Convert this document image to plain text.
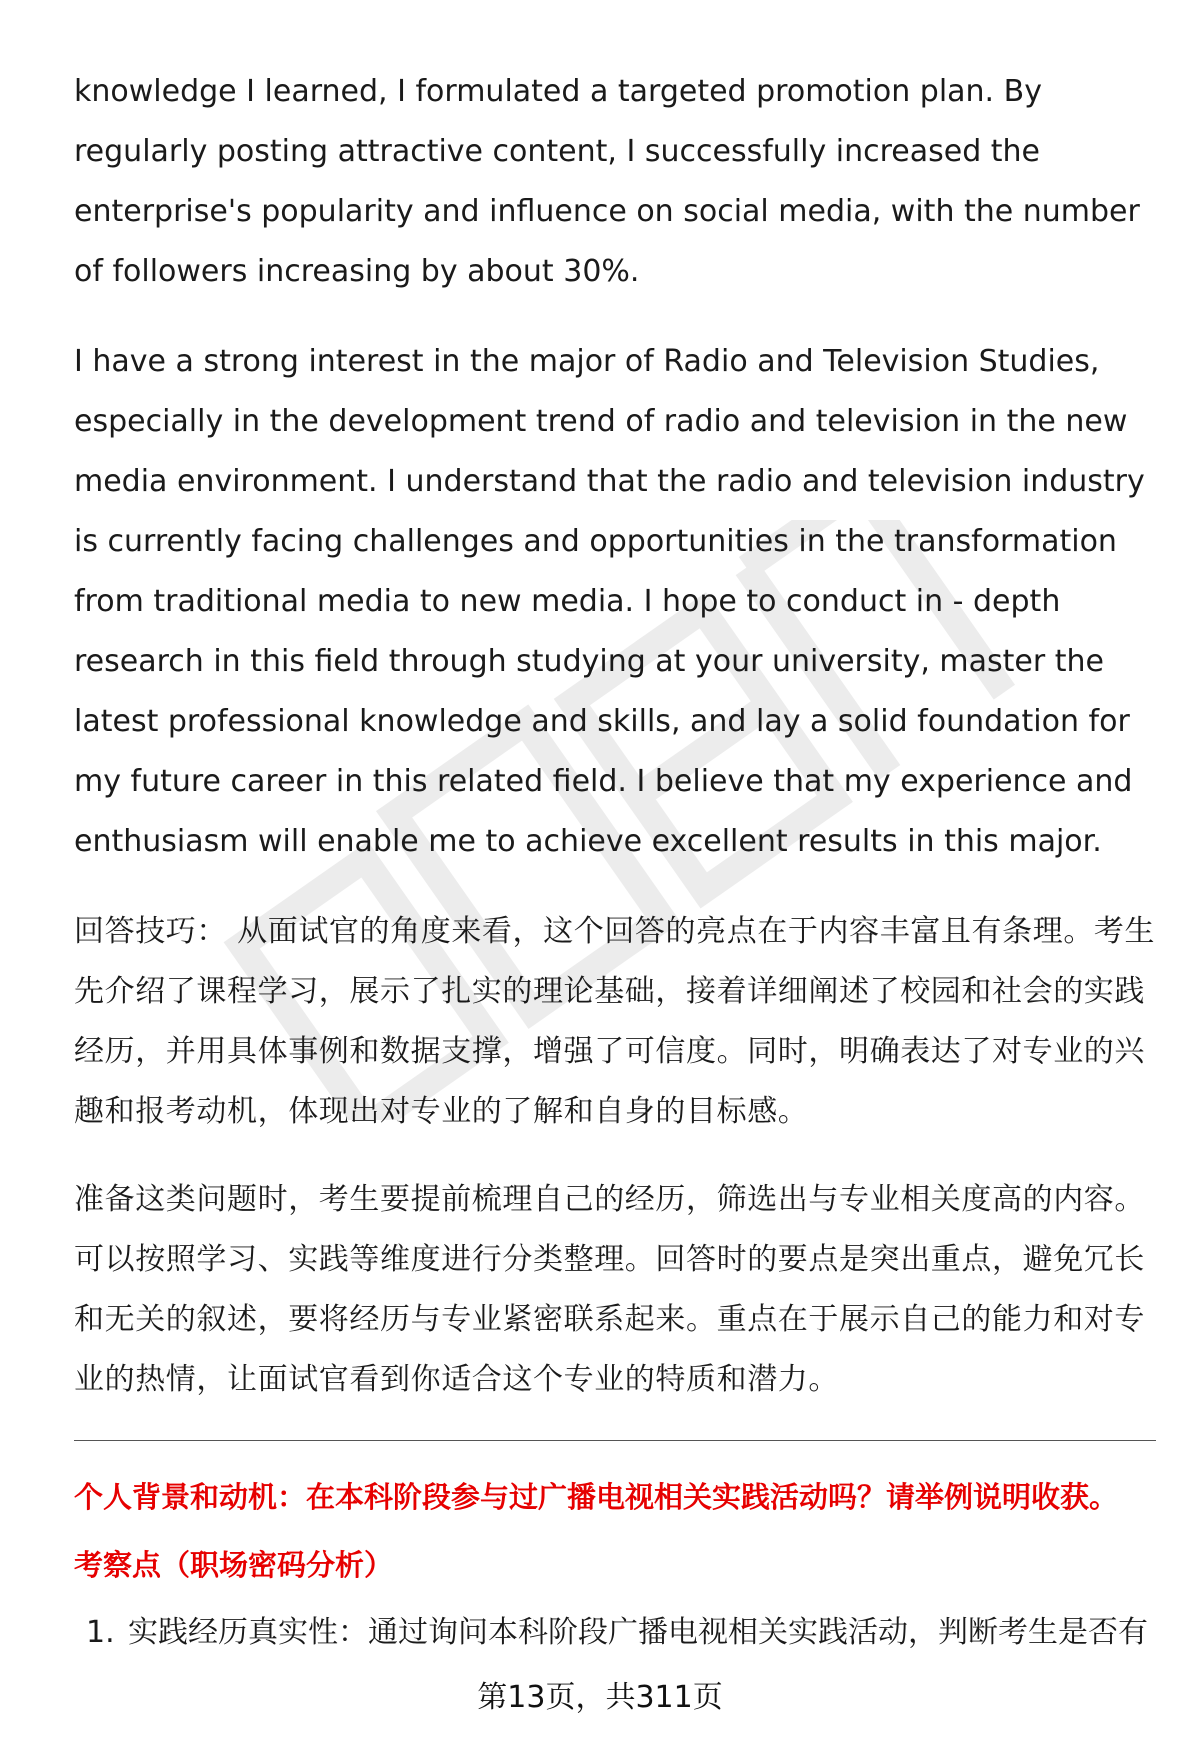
knowledge I learned, I formulated a targeted promotion plan. By regularly posting attractive content, I successfully increased the enterprise's popularity and influence on social media, with the number of followers increasing by about 30%.

I have a strong interest in the major of Radio and Television Studies, especially in the development trend of radio and television in the new media environment. I understand that the radio and television industry is currently facing challenges and opportunities in the transformation from traditional media to new media. I hope to conduct in - depth research in this field through studying at your university, master the latest professional knowledge and skills, and lay a solid foundation for my future career in this related field. I believe that my experience and enthusiasm will enable me to achieve excellent results in this major.

回答技巧： 从面试官的角度来看，这个回答的亮点在于内容丰富且有条理。考生先介绍了课程学习，展示了扎实的理论基础，接着详细阐述了校园和社会的实践经历，并用具体事例和数据支撑，增强了可信度。同时，明确表达了对专业的兴趣和报考动机，体现出对专业的了解和自身的目标感。

准备这类问题时，考生要提前梳理自己的经历，筛选出与专业相关度高的内容。可以按照学习、实践等维度进行分类整理。回答时的要点是突出重点，避免冗长和无关的叙述，要将经历与专业紧密联系起来。重点在于展示自己的能力和对专业的热情，让面试官看到你适合这个专业的特质和潜力。

个人背景和动机：在本科阶段参与过广播电视相关实践活动吗？请举例说明收获。
考察点（职场密码分析）
1. 实践经历真实性：通过询问本科阶段广播电视相关实践活动，判断考生是否有
第13页，共311页
